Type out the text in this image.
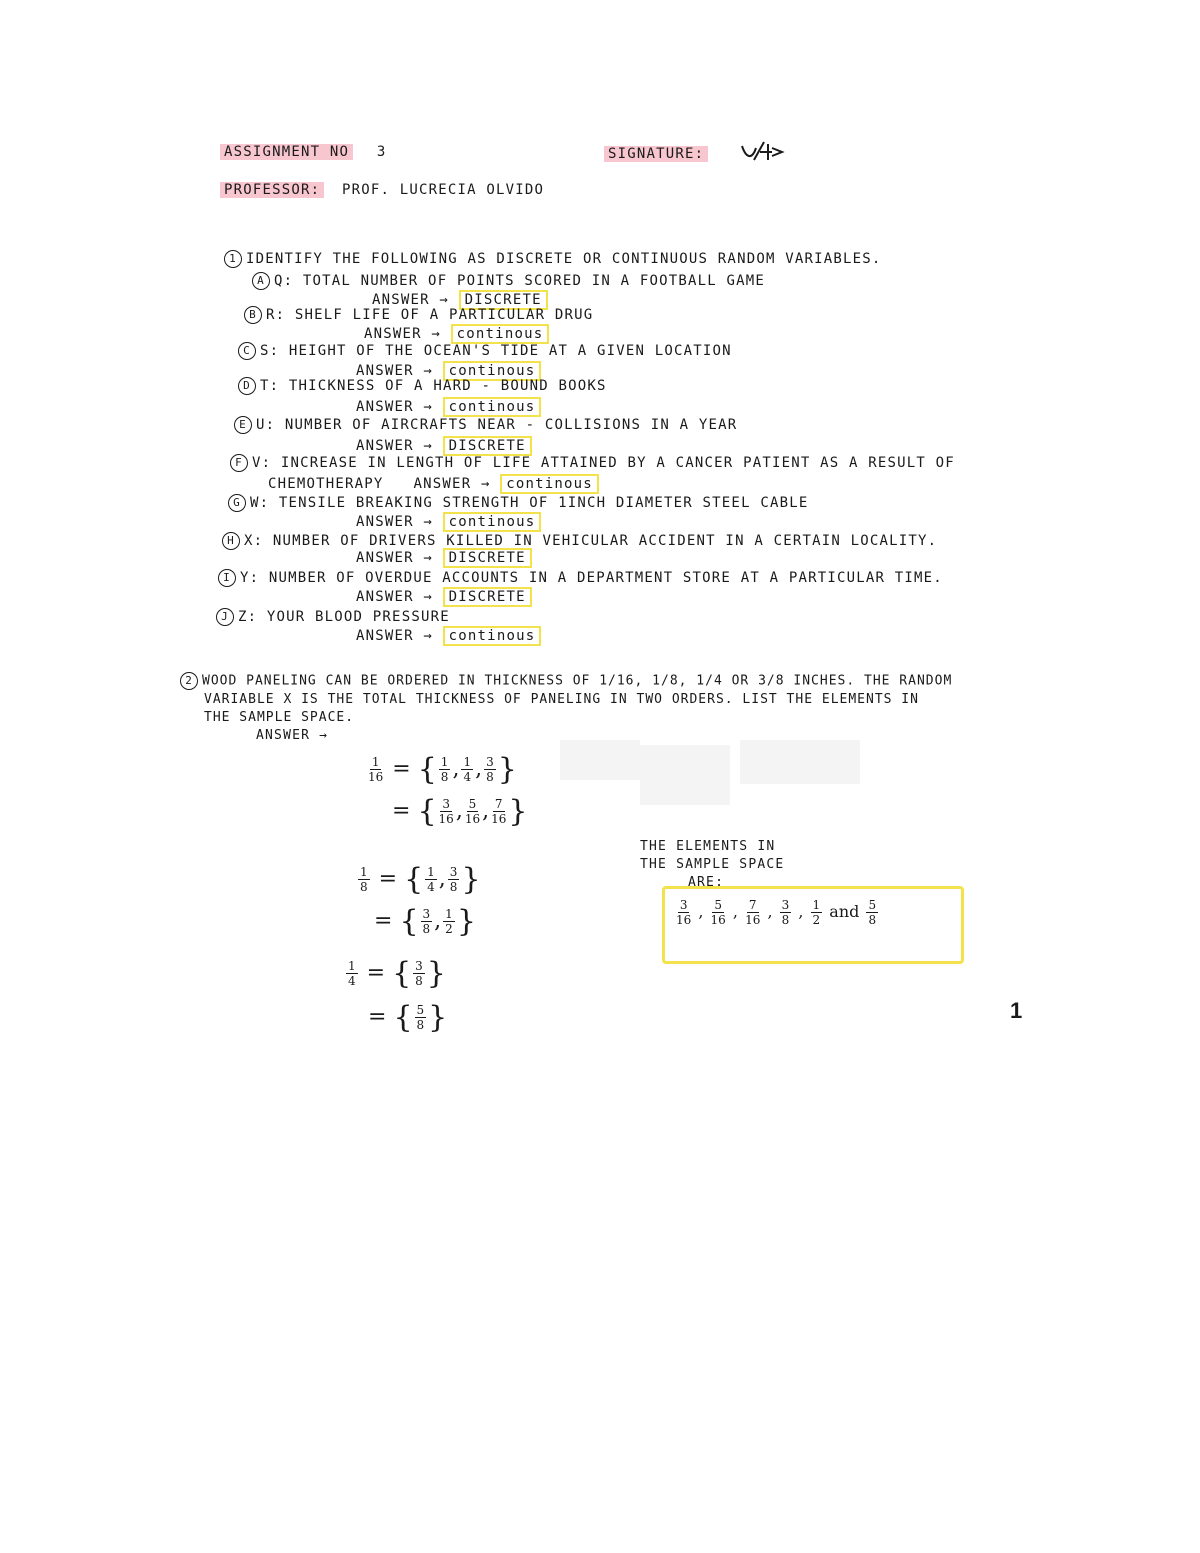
ASSIGNMENT NO 3	SIGNATURE:
PROFESSOR: PROF. LUCRECIA OLVIDO
1 IDENTIFY THE FOLLOWING AS DISCRETE OR CONTINUOUS RANDOM VARIABLES.
A Q: TOTAL NUMBER OF POINTS SCORED IN A FOOTBALL GAME
ANSWER → DISCRETE
B R: SHELF LIFE OF A PARTICULAR DRUG
ANSWER → continous
C S: HEIGHT OF THE OCEAN'S TIDE AT A GIVEN LOCATION
ANSWER → continous
D T: THICKNESS OF A HARD - BOUND BOOKS
ANSWER → continous
E U: NUMBER OF AIRCRAFTS NEAR - COLLISIONS IN A YEAR
ANSWER → DISCRETE
F V: INCREASE IN LENGTH OF LIFE ATTAINED BY A CANCER PATIENT AS A RESULT OF
CHEMOTHERAPY ANSWER → continous
G W: TENSILE BREAKING STRENGTH OF 1INCH DIAMETER STEEL CABLE
ANSWER → continous
H X: NUMBER OF DRIVERS KILLED IN VEHICULAR ACCIDENT IN A CERTAIN LOCALITY.
ANSWER → DISCRETE
I Y: NUMBER OF OVERDUE ACCOUNTS IN A DEPARTMENT STORE AT A PARTICULAR TIME.
ANSWER → DISCRETE
J Z: YOUR BLOOD PRESSURE
ANSWER → continous
2 WOOD PANELING CAN BE ORDERED IN THICKNESS OF 1/16, 1/8, 1/4 OR 3/8 INCHES. THE RANDOM
VARIABLE X IS THE TOTAL THICKNESS OF PANELING IN TWO ORDERS. LIST THE ELEMENTS IN
THE SAMPLE SPACE.
ANSWER →
$\frac{1}{16}$ = { $\frac{1}{8}$ , $\frac{1}{4}$ , $\frac{3}{8}$ }
= { $\frac{3}{16}$ , $\frac{5}{16}$ , $\frac{7}{16}$ }
$\frac{1}{8}$ = { $\frac{1}{4}$ , $\frac{3}{8}$ }
= { $\frac{3}{8}$ , $\frac{1}{2}$ }
$\frac{1}{4}$ = { $\frac{3}{8}$ }
= { $\frac{5}{8}$ }
THE ELEMENTS IN
THE SAMPLE SPACE
ARE:
$\frac{3}{16}$ , $\frac{5}{16}$ , $\frac{7}{16}$ , $\frac{3}{8}$ , $\frac{1}{2}$ and $\frac{5}{8}$
1
